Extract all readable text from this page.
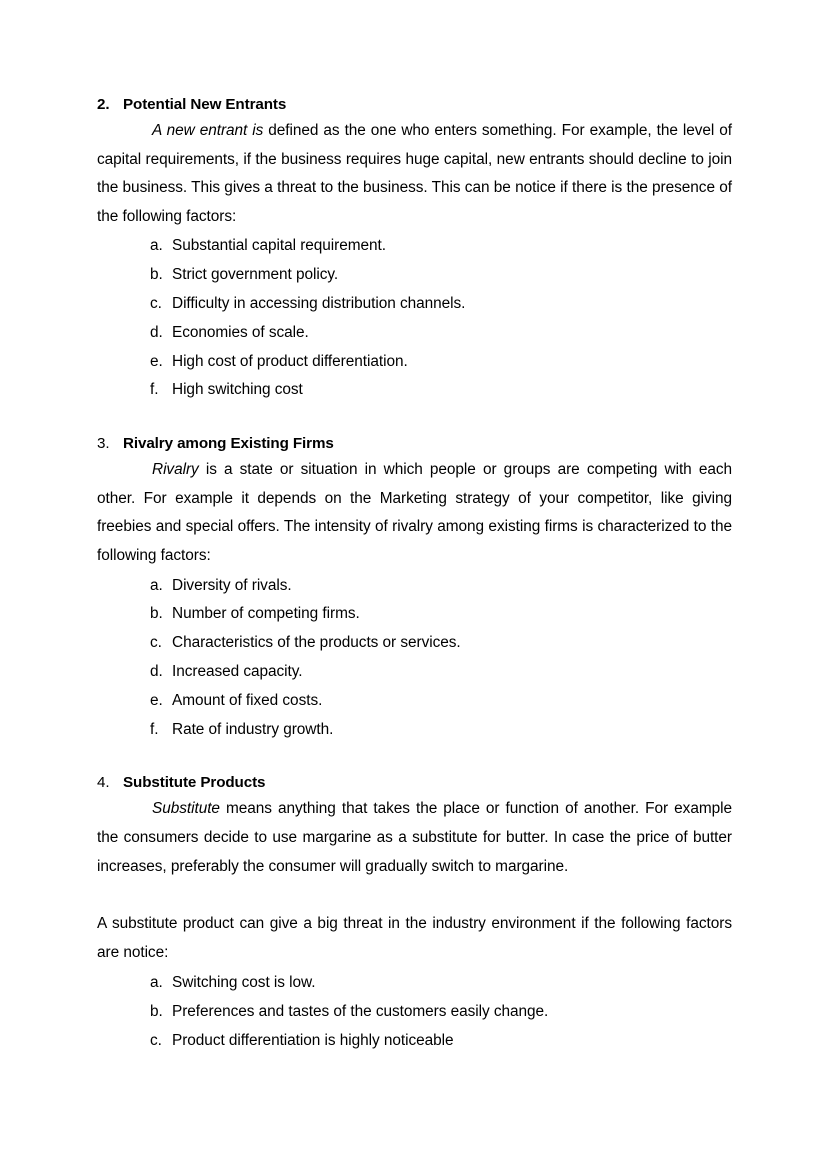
2. Potential New Entrants

A new entrant is defined as the one who enters something. For example, the level of capital requirements, if the business requires huge capital, new entrants should decline to join the business. This gives a threat to the business. This can be notice if there is the presence of the following factors:

a. Substantial capital requirement.
b. Strict government policy.
c. Difficulty in accessing distribution channels.
d. Economies of scale.
e. High cost of product differentiation.
f. High switching cost
3. Rivalry among Existing Firms

Rivalry is a state or situation in which people or groups are competing with each other. For example it depends on the Marketing strategy of your competitor, like giving freebies and special offers. The intensity of rivalry among existing firms is characterized to the following factors:

a. Diversity of rivals.
b. Number of competing firms.
c. Characteristics of the products or services.
d. Increased capacity.
e. Amount of fixed costs.
f. Rate of industry growth.
4. Substitute Products

Substitute means anything that takes the place or function of another. For example the consumers decide to use margarine as a substitute for butter. In case the price of butter increases, preferably the consumer will gradually switch to margarine.

A substitute product can give a big threat in the industry environment if the following factors are notice:

a. Switching cost is low.
b. Preferences and tastes of the customers easily change.
c. Product differentiation is highly noticeable
